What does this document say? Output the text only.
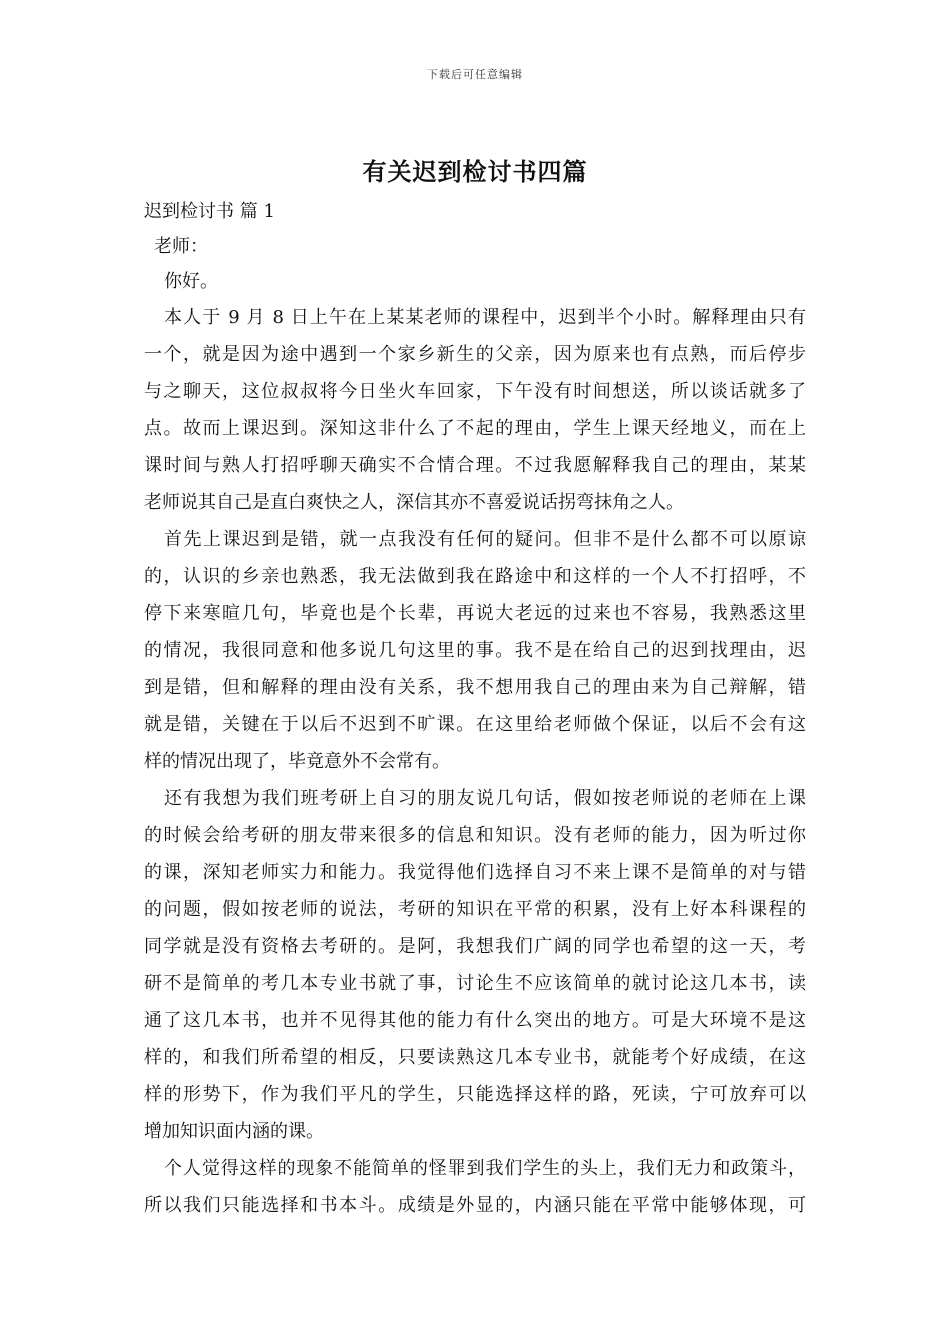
下载后可任意编辑
有关迟到检讨书四篇
迟到检讨书 篇 1
老师：
你好。
本人于 9 月 8 日上午在上某某老师的课程中，迟到半个小时。解释理由只有
一个，就是因为途中遇到一个家乡新生的父亲，因为原来也有点熟，而后停步
与之聊天，这位叔叔将今日坐火车回家，下午没有时间想送，所以谈话就多了
点。故而上课迟到。深知这非什么了不起的理由，学生上课天经地义，而在上
课时间与熟人打招呼聊天确实不合情合理。不过我愿解释我自己的理由，某某
老师说其自己是直白爽快之人，深信其亦不喜爱说话拐弯抹角之人。
首先上课迟到是错，就一点我没有任何的疑问。但非不是什么都不可以原谅
的，认识的乡亲也熟悉，我无法做到我在路途中和这样的一个人不打招呼，不
停下来寒暄几句，毕竟也是个长辈，再说大老远的过来也不容易，我熟悉这里
的情况，我很同意和他多说几句这里的事。我不是在给自己的迟到找理由，迟
到是错，但和解释的理由没有关系，我不想用我自己的理由来为自己辩解，错
就是错，关键在于以后不迟到不旷课。在这里给老师做个保证，以后不会有这
样的情况出现了，毕竟意外不会常有。
还有我想为我们班考研上自习的朋友说几句话，假如按老师说的老师在上课
的时候会给考研的朋友带来很多的信息和知识。没有老师的能力，因为听过你
的课，深知老师实力和能力。我觉得他们选择自习不来上课不是简单的对与错
的问题，假如按老师的说法，考研的知识在平常的积累，没有上好本科课程的
同学就是没有资格去考研的。是阿，我想我们广阔的同学也希望的这一天，考
研不是简单的考几本专业书就了事，讨论生不应该简单的就讨论这几本书，读
通了这几本书，也并不见得其他的能力有什么突出的地方。可是大环境不是这
样的，和我们所希望的相反，只要读熟这几本专业书，就能考个好成绩，在这
样的形势下，作为我们平凡的学生，只能选择这样的路，死读，宁可放弃可以
增加知识面内涵的课。
个人觉得这样的现象不能简单的怪罪到我们学生的头上，我们无力和政策斗，
所以我们只能选择和书本斗。成绩是外显的，内涵只能在平常中能够体现，可
